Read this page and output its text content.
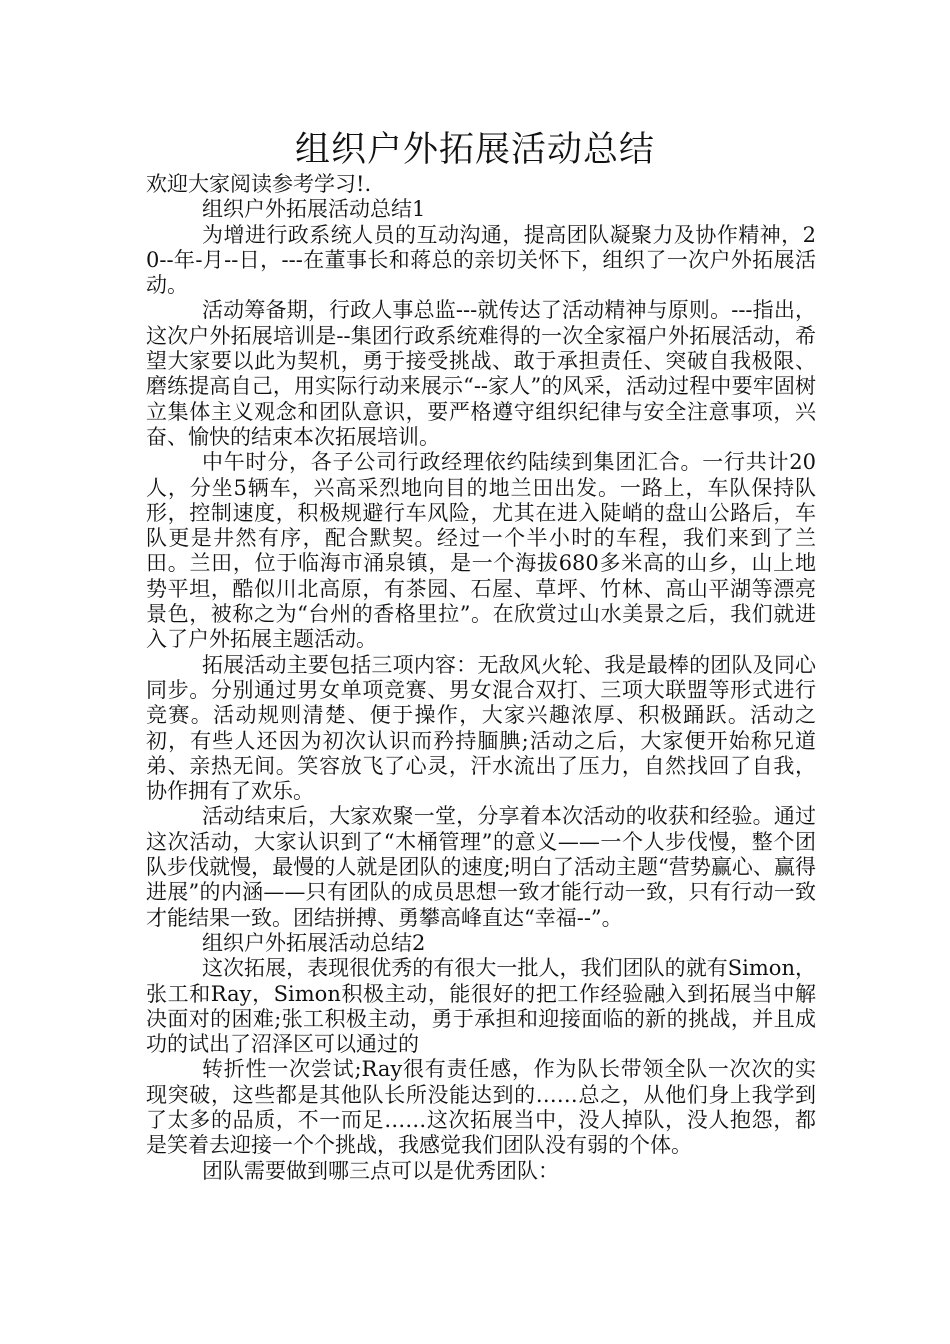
组织户外拓展活动总结

欢迎大家阅读参考学习!.

组织户外拓展活动总结1

为增进行政系统人员的互动沟通，提高团队凝聚力及协作精神，20--年-月--日，---在董事长和蒋总的亲切关怀下，组织了一次户外拓展活动。

活动筹备期，行政人事总监---就传达了活动精神与原则。---指出，这次户外拓展培训是--集团行政系统难得的一次全家福户外拓展活动，希望大家要以此为契机，勇于接受挑战、敢于承担责任、突破自我极限、磨练提高自己，用实际行动来展示“--家人”的风采，活动过程中要牢固树立集体主义观念和团队意识，要严格遵守组织纪律与安全注意事项，兴奋、愉快的结束本次拓展培训。

中午时分，各子公司行政经理依约陆续到集团汇合。一行共计20人，分坐5辆车，兴高采烈地向目的地兰田出发。一路上，车队保持队形，控制速度，积极规避行车风险，尤其在进入陡峭的盘山公路后，车队更是井然有序，配合默契。经过一个半小时的车程，我们来到了兰田。兰田，位于临海市涌泉镇，是一个海拔680多米高的山乡，山上地势平坦，酷似川北高原，有茶园、石屋、草坪、竹林、高山平湖等漂亮景色，被称之为“台州的香格里拉”。在欣赏过山水美景之后，我们就进入了户外拓展主题活动。

拓展活动主要包括三项内容：无敌风火轮、我是最棒的团队及同心同步。分别通过男女单项竞赛、男女混合双打、三项大联盟等形式进行竞赛。活动规则清楚、便于操作，大家兴趣浓厚、积极踊跃。活动之初，有些人还因为初次认识而矜持腼腆;活动之后，大家便开始称兄道弟、亲热无间。笑容放飞了心灵，汗水流出了压力，自然找回了自我，协作拥有了欢乐。

活动结束后，大家欢聚一堂，分享着本次活动的收获和经验。通过这次活动，大家认识到了“木桶管理”的意义——一个人步伐慢，整个团队步伐就慢，最慢的人就是团队的速度;明白了活动主题“营势赢心、赢得进展”的内涵——只有团队的成员思想一致才能行动一致，只有行动一致才能结果一致。团结拼搏、勇攀高峰直达“幸福--”。

组织户外拓展活动总结2

这次拓展，表现很优秀的有很大一批人，我们团队的就有Simon，张工和Ray，Simon积极主动，能很好的把工作经验融入到拓展当中解决面对的困难;张工积极主动，勇于承担和迎接面临的新的挑战，并且成功的试出了沼泽区可以通过的

转折性一次尝试;Ray很有责任感，作为队长带领全队一次次的实现突破，这些都是其他队长所没能达到的……总之，从他们身上我学到了太多的品质，不一而足……这次拓展当中，没人掉队，没人抱怨，都是笑着去迎接一个个挑战，我感觉我们团队没有弱的个体。

团队需要做到哪三点可以是优秀团队：
